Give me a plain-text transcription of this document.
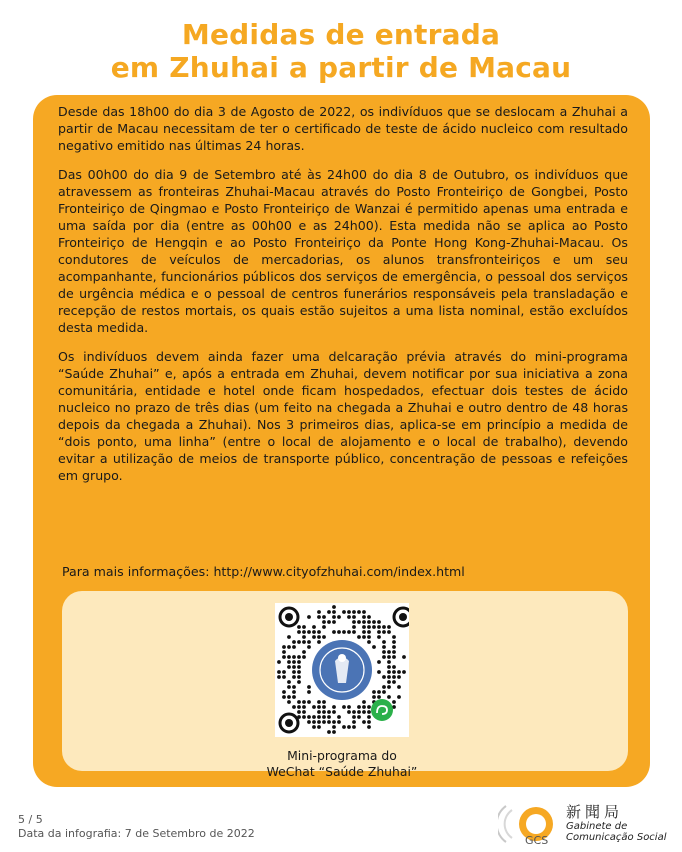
Medidas de entrada
em Zhuhai a partir de Macau

Desde das 18h00 do dia 3 de Agosto de 2022, os indivíduos que se deslocam a Zhuhai a partir de Macau necessitam de ter o certificado de teste de ácido nucleico com resultado negativo emitido nas últimas 24 horas.

Das 00h00 do dia 9 de Setembro até às 24h00 do dia 8 de Outubro, os indivíduos que atravessem as fronteiras Zhuhai-Macau através do Posto Fronteiriço de Gongbei, Posto Fronteiriço de Qingmao e Posto Fronteiriço de Wanzai é permitido apenas uma entrada e uma saída por dia (entre as 00h00 e as 24h00). Esta medida não se aplica ao Posto Fronteiriço de Hengqin e ao Posto Fronteiriço da Ponte Hong Kong-Zhuhai-Macau. Os condutores de veículos de mercadorias, os alunos transfronteiriços e um seu acompanhante, funcionários públicos dos serviços de emergência, o pessoal dos serviços de urgência médica e o pessoal de centros funerários responsáveis pela transladação e recepção de restos mortais, os quais estão sujeitos a uma lista nominal, estão excluídos desta medida.

Os indivíduos devem ainda fazer uma delcaração prévia através do mini-programa “Saúde Zhuhai” e, após a entrada em Zhuhai, devem notificar por sua iniciativa a zona comunitária, entidade e hotel onde ficam hospedados, efectuar dois testes de ácido nucleico no prazo de três dias (um feito na chegada a Zhuhai e outro dentro de 48 horas depois da chegada a Zhuhai). Nos 3 primeiros dias, aplica-se em princípio a medida de “dois ponto, uma linha” (entre o local de alojamento e o local de trabalho), devendo evitar a utilização de meios de transporte público, concentração de pessoas e refeições em grupo.

Para mais informações: http://www.cityofzhuhai.com/index.html
Mini-programa do
WeChat “Saúde Zhuhai”
5 / 5
Data da infografia: 7 de Setembro de 2022
GCS
新聞局
Gabinete de
Comunicação Social
